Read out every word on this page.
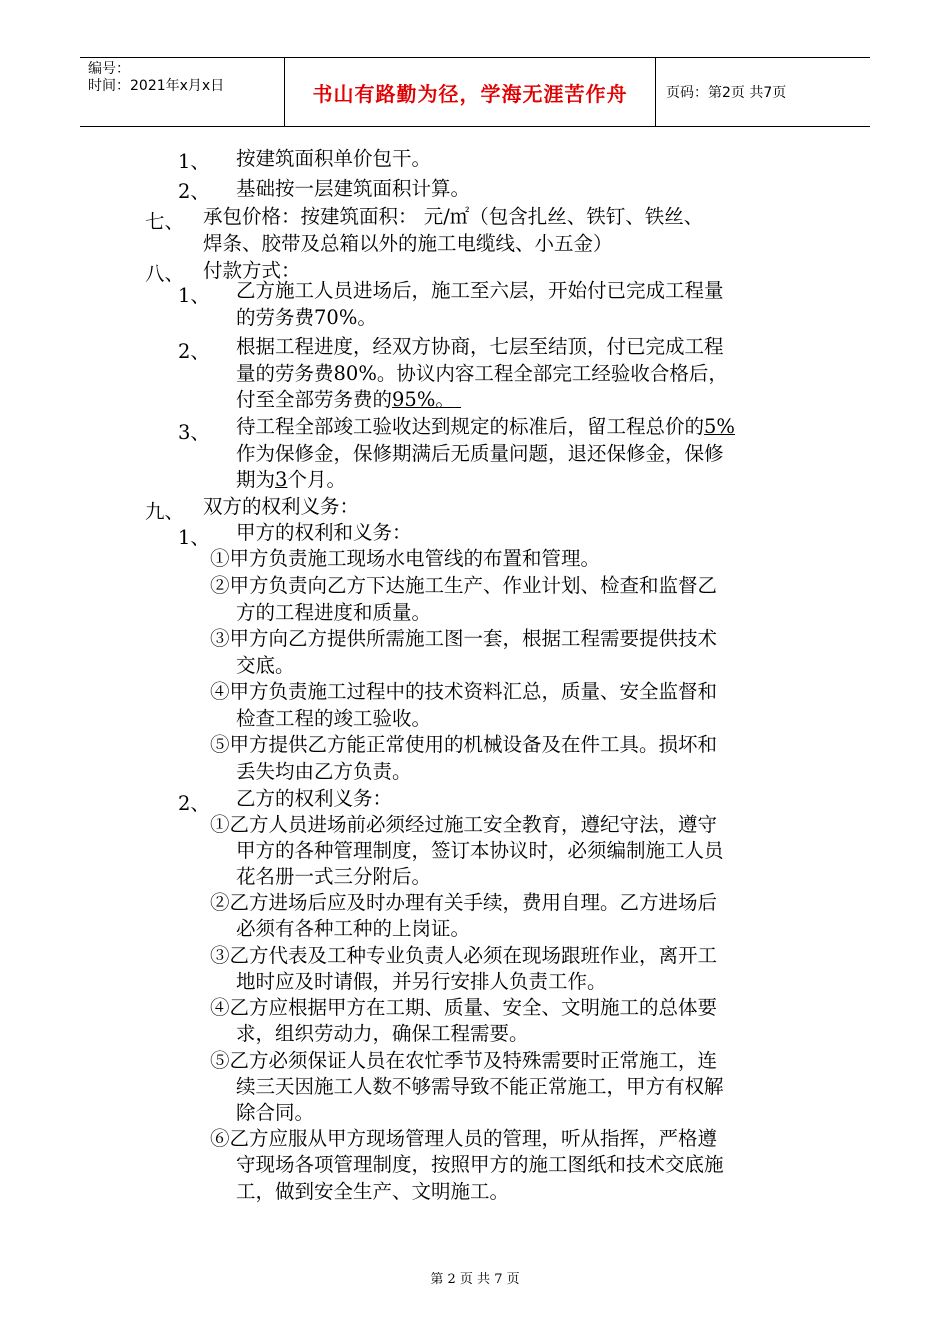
编号：
时间：2021年x月x日	书山有路勤为径，学海无涯苦作舟	页码：第2页 共7页
1、 按建筑面积单价包干。
2、 基础按一层建筑面积计算。
七、 承包价格：按建筑面积： 元/㎡（包含扎丝、铁钉、铁丝、
焊条、胶带及总箱以外的施工电缆线、小五金）
八、 付款方式：
1、 乙方施工人员进场后，施工至六层，开始付已完成工程量
的劳务费70%。
2、 根据工程进度，经双方协商，七层至结顶，付已完成工程
量的劳务费80%。协议内容工程全部完工经验收合格后，
付至全部劳务费的95%。
3、 待工程全部竣工验收达到规定的标准后，留工程总价的5%
作为保修金，保修期满后无质量问题，退还保修金，保修
期为3个月。
九、 双方的权利义务：
1、 甲方的权利和义务：
①甲方负责施工现场水电管线的布置和管理。
②甲方负责向乙方下达施工生产、作业计划、检查和监督乙
方的工程进度和质量。
③甲方向乙方提供所需施工图一套，根据工程需要提供技术
交底。
④甲方负责施工过程中的技术资料汇总，质量、安全监督和
检查工程的竣工验收。
⑤甲方提供乙方能正常使用的机械设备及在件工具。损坏和
丢失均由乙方负责。
2、 乙方的权利义务：
①乙方人员进场前必须经过施工安全教育，遵纪守法，遵守
甲方的各种管理制度，签订本协议时，必须编制施工人员
花名册一式三分附后。
②乙方进场后应及时办理有关手续，费用自理。乙方进场后
必须有各种工种的上岗证。
③乙方代表及工种专业负责人必须在现场跟班作业，离开工
地时应及时请假，并另行安排人负责工作。
④乙方应根据甲方在工期、质量、安全、文明施工的总体要
求，组织劳动力，确保工程需要。
⑤乙方必须保证人员在农忙季节及特殊需要时正常施工，连
续三天因施工人数不够需导致不能正常施工，甲方有权解
除合同。
⑥乙方应服从甲方现场管理人员的管理，听从指挥，严格遵
守现场各项管理制度，按照甲方的施工图纸和技术交底施
工，做到安全生产、文明施工。
第 2 页 共 7 页
